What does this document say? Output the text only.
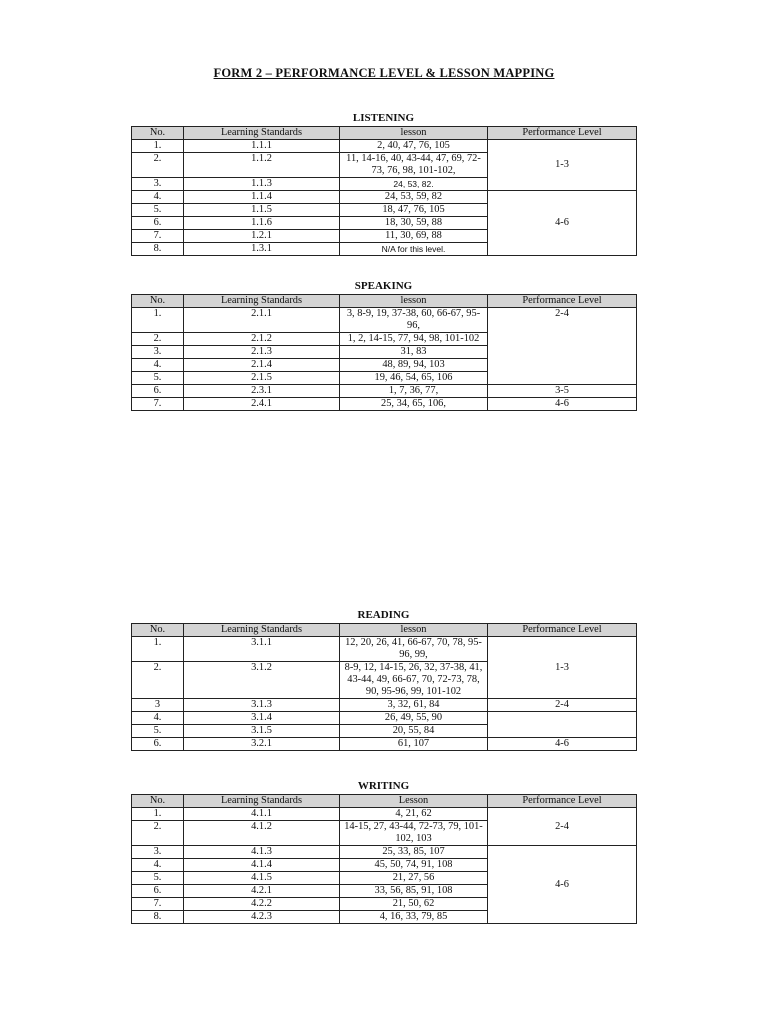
FORM 2 – PERFORMANCE LEVEL & LESSON MAPPING
LISTENING
No.	Learning Standards	lesson	Performance Level
1.	1.1.1	2, 40, 47, 76, 105	1-3
2.	1.1.2	11, 14-16, 40, 43-44, 47, 69, 72-73, 76, 98, 101-102,	
3.	1.1.3	24, 53, 82.	
4.	1.1.4	24, 53, 59, 82	4-6
5.	1.1.5	18, 47, 76, 105	
6.	1.1.6	18, 30, 59, 88	
7.	1.2.1	11, 30, 69, 88	
8.	1.3.1	N/A for this level.	
SPEAKING
No.	Learning Standards	lesson	Performance Level
1.	2.1.1	3, 8-9, 19, 37-38, 60, 66-67, 95-96,	2-4
2.	2.1.2	1, 2, 14-15, 77, 94, 98, 101-102	
3.	2.1.3	31, 83	
4.	2.1.4	48, 89, 94, 103	
5.	2.1.5	19, 46, 54, 65, 106	
6.	2.3.1	1, 7, 36, 77,	3-5
7.	2.4.1	25, 34, 65, 106,	4-6
READING
No.	Learning Standards	lesson	Performance Level
1.	3.1.1	12, 20, 26, 41, 66-67, 70, 78, 95-96, 99,	1-3
2.	3.1.2	8-9, 12, 14-15, 26, 32, 37-38, 41, 43-44, 49, 66-67, 70, 72-73, 78, 90, 95-96, 99, 101-102	
3	3.1.3	3, 32, 61, 84	2-4
4.	3.1.4	26, 49, 55, 90	
5.	3.1.5	20, 55, 84	
6.	3.2.1	61, 107	4-6
WRITING
No.	Learning Standards	Lesson	Performance Level
1.	4.1.1	4, 21, 62	2-4
2.	4.1.2	14-15, 27, 43-44, 72-73, 79, 101-102, 103	
3.	4.1.3	25, 33, 85, 107	4-6
4.	4.1.4	45, 50, 74, 91, 108	
5.	4.1.5	21, 27, 56	
6.	4.2.1	33, 56, 85, 91, 108	
7.	4.2.2	21, 50, 62	
8.	4.2.3	4, 16, 33, 79, 85	
